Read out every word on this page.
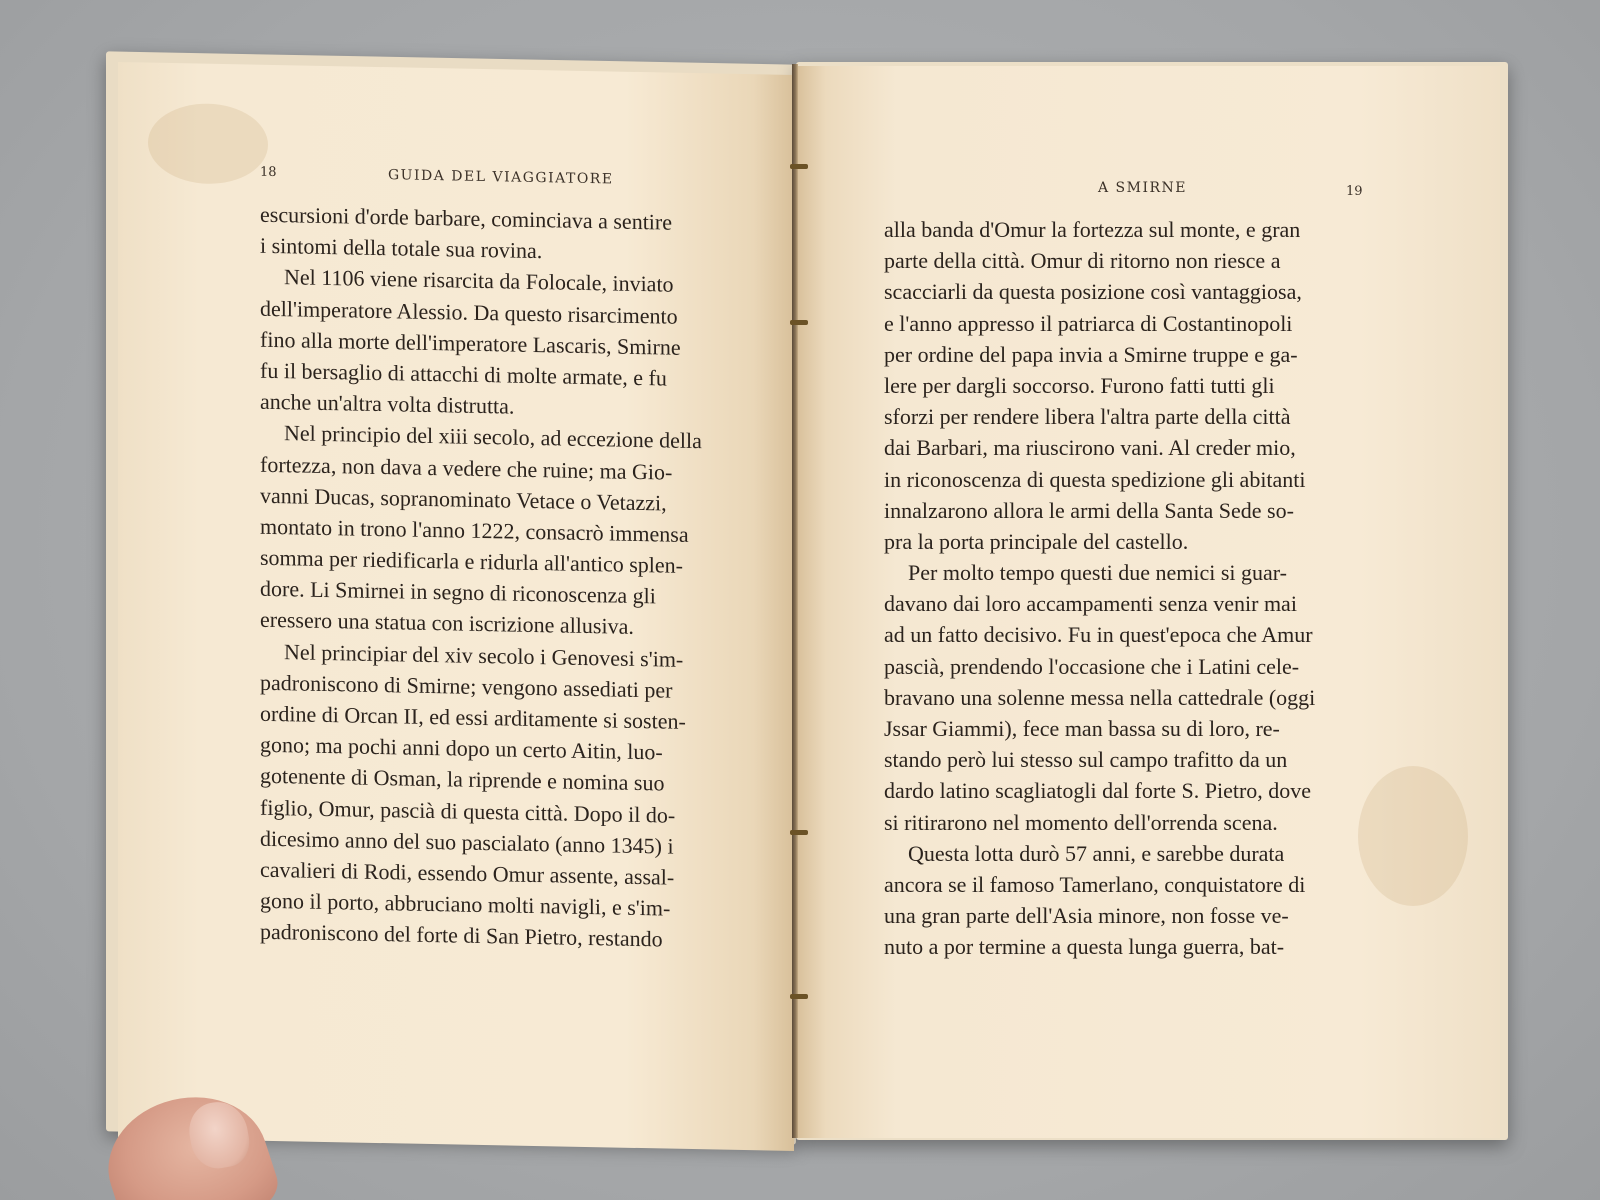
18	GUIDA DEL VIAGGIATORE
escursioni d'orde barbare, cominciava a sentire
i sintomi della totale sua rovina.
Nel 1106 viene risarcita da Folocale, inviato
dell'imperatore Alessio. Da questo risarcimento
fino alla morte dell'imperatore Lascaris, Smirne
fu il bersaglio di attacchi di molte armate, e fu
anche un'altra volta distrutta.
Nel principio del xiii secolo, ad eccezione della
fortezza, non dava a vedere che ruine; ma Gio-
vanni Ducas, sopranominato Vetace o Vetazzi,
montato in trono l'anno 1222, consacrò immensa
somma per riedificarla e ridurla all'antico splen-
dore. Li Smirnei in segno di riconoscenza gli
eressero una statua con iscrizione allusiva.
Nel principiar del xiv secolo i Genovesi s'im-
padroniscono di Smirne; vengono assediati per
ordine di Orcan II, ed essi arditamente si sosten-
gono; ma pochi anni dopo un certo Aitin, luo-
gotenente di Osman, la riprende e nomina suo
figlio, Omur, pascià di questa città. Dopo il do-
dicesimo anno del suo pascialato (anno 1345) i
cavalieri di Rodi, essendo Omur assente, assal-
gono il porto, abbruciano molti navigli, e s'im-
padroniscono del forte di San Pietro, restando
A SMIRNE	19
alla banda d'Omur la fortezza sul monte, e gran
parte della città. Omur di ritorno non riesce a
scacciarli da questa posizione così vantaggiosa,
e l'anno appresso il patriarca di Costantinopoli
per ordine del papa invia a Smirne truppe e ga-
lere per dargli soccorso. Furono fatti tutti gli
sforzi per rendere libera l'altra parte della città
dai Barbari, ma riuscirono vani. Al creder mio,
in riconoscenza di questa spedizione gli abitanti
innalzarono allora le armi della Santa Sede so-
pra la porta principale del castello.
Per molto tempo questi due nemici si guar-
davano dai loro accampamenti senza venir mai
ad un fatto decisivo. Fu in quest'epoca che Amur
pascià, prendendo l'occasione che i Latini cele-
bravano una solenne messa nella cattedrale (oggi
Jssar Giammi), fece man bassa su di loro, re-
stando però lui stesso sul campo trafitto da un
dardo latino scagliatogli dal forte S. Pietro, dove
si ritirarono nel momento dell'orrenda scena.
Questa lotta durò 57 anni, e sarebbe durata
ancora se il famoso Tamerlano, conquistatore di
una gran parte dell'Asia minore, non fosse ve-
nuto a por termine a questa lunga guerra, bat-
